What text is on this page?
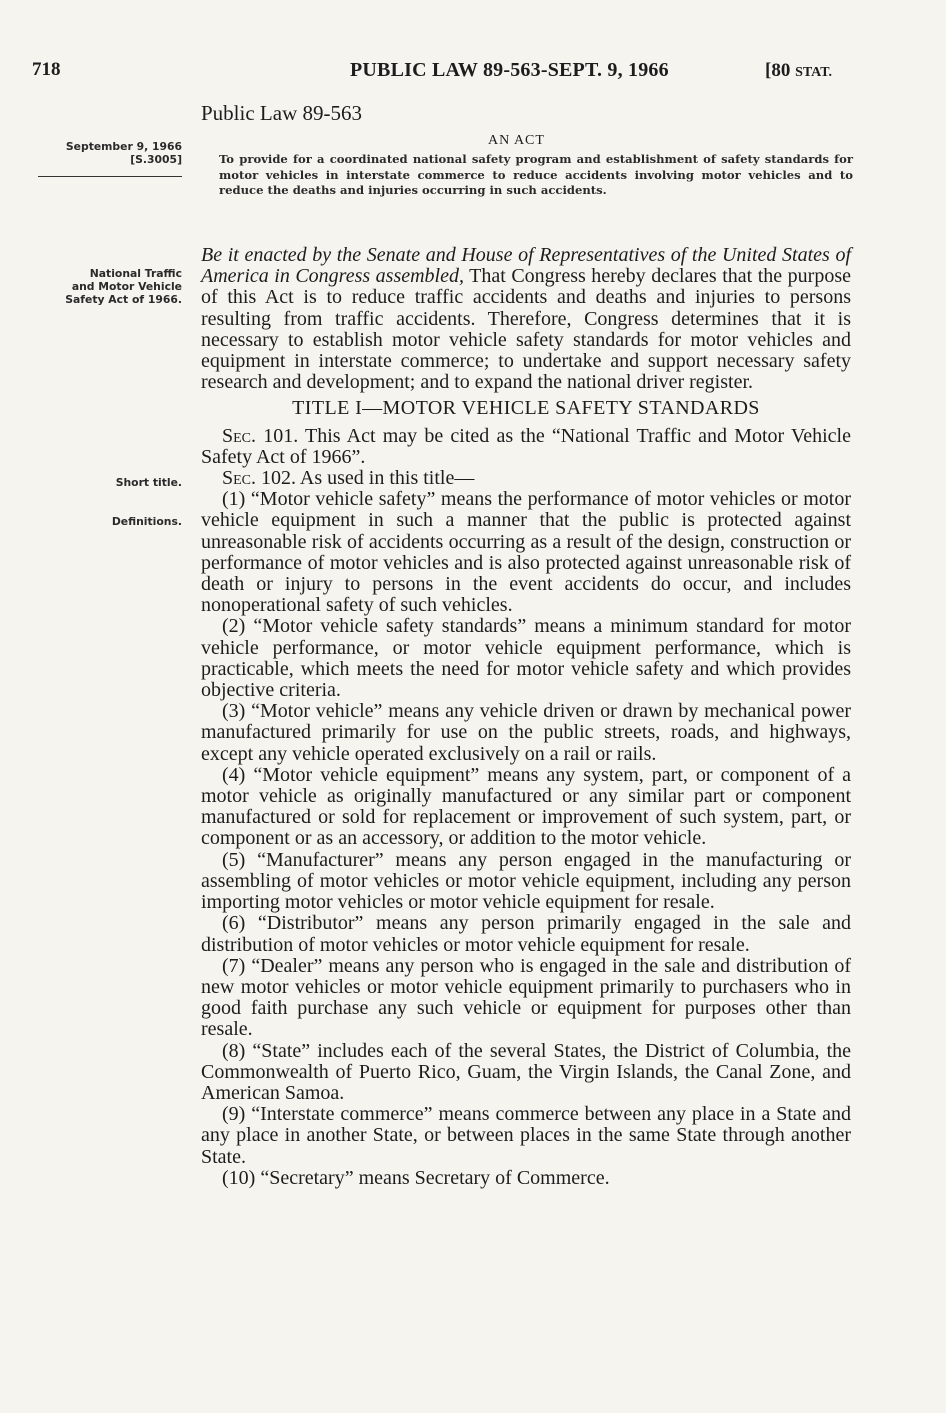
718	PUBLIC LAW 89-563-SEPT. 9, 1966	[80 STAT.
Public Law 89-563
AN ACT
To provide for a coordinated national safety program and establishment of safety standards for motor vehicles in interstate commerce to reduce accidents involving motor vehicles and to reduce the deaths and injuries occurring in such accidents.
September 9, 1966
[S.3005]
National Traffic
and Motor Vehicle
Safety Act of 1966.
Short title.
Definitions.

Be it enacted by the Senate and House of Representatives of the United States of America in Congress assembled, That Congress hereby declares that the purpose of this Act is to reduce traffic accidents and deaths and injuries to persons resulting from traffic accidents. Therefore, Congress determines that it is necessary to establish motor vehicle safety standards for motor vehicles and equipment in interstate commerce; to undertake and support necessary safety research and development; and to expand the national driver register.

TITLE I—MOTOR VEHICLE SAFETY STANDARDS

Sec. 101. This Act may be cited as the “National Traffic and Motor Vehicle Safety Act of 1966”.

Sec. 102. As used in this title—

(1) “Motor vehicle safety” means the performance of motor vehicles or motor vehicle equipment in such a manner that the public is protected against unreasonable risk of accidents occurring as a result of the design, construction or performance of motor vehicles and is also protected against unreasonable risk of death or injury to persons in the event accidents do occur, and includes nonoperational safety of such vehicles.

(2) “Motor vehicle safety standards” means a minimum standard for motor vehicle performance, or motor vehicle equipment performance, which is practicable, which meets the need for motor vehicle safety and which provides objective criteria.

(3) “Motor vehicle” means any vehicle driven or drawn by mechanical power manufactured primarily for use on the public streets, roads, and highways, except any vehicle operated exclusively on a rail or rails.

(4) “Motor vehicle equipment” means any system, part, or component of a motor vehicle as originally manufactured or any similar part or component manufactured or sold for replacement or improvement of such system, part, or component or as an accessory, or addition to the motor vehicle.

(5) “Manufacturer” means any person engaged in the manufacturing or assembling of motor vehicles or motor vehicle equipment, including any person importing motor vehicles or motor vehicle equipment for resale.

(6) “Distributor” means any person primarily engaged in the sale and distribution of motor vehicles or motor vehicle equipment for resale.

(7) “Dealer” means any person who is engaged in the sale and distribution of new motor vehicles or motor vehicle equipment primarily to purchasers who in good faith purchase any such vehicle or equipment for purposes other than resale.

(8) “State” includes each of the several States, the District of Columbia, the Commonwealth of Puerto Rico, Guam, the Virgin Islands, the Canal Zone, and American Samoa.

(9) “Interstate commerce” means commerce between any place in a State and any place in another State, or between places in the same State through another State.

(10) “Secretary” means Secretary of Commerce.
